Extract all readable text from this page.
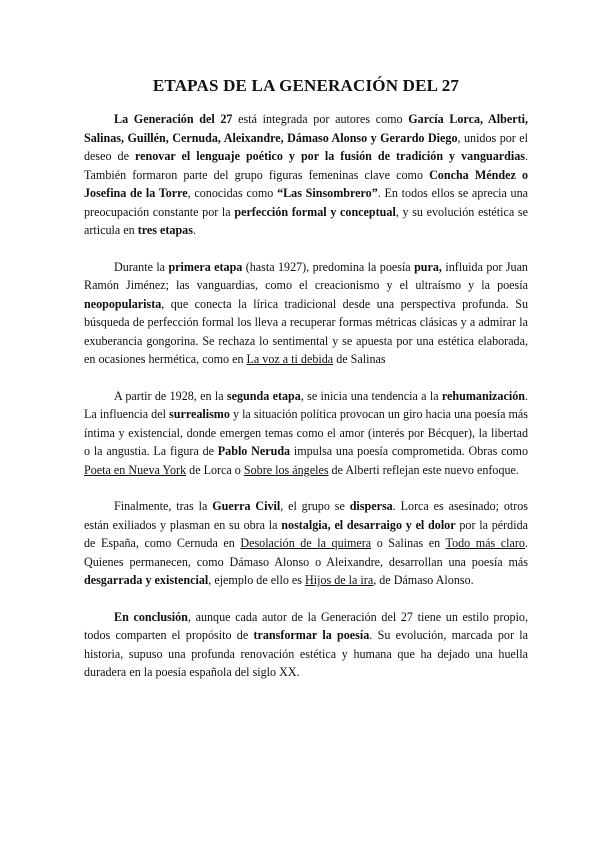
ETAPAS DE LA GENERACIÓN DEL 27

La Generación del 27 está integrada por autores como García Lorca, Alberti, Salinas, Guillén, Cernuda, Aleixandre, Dámaso Alonso y Gerardo Diego, unidos por el deseo de renovar el lenguaje poético y por la fusión de tradición y vanguardias. También formaron parte del grupo figuras femeninas clave como Concha Méndez o Josefina de la Torre, conocidas como “Las Sinsombrero”. En todos ellos se aprecia una preocupación constante por la perfección formal y conceptual, y su evolución estética se articula en tres etapas.

Durante la primera etapa (hasta 1927), predomina la poesía pura, influida por Juan Ramón Jiménez; las vanguardias, como el creacionismo y el ultraísmo y la poesía neopopularista, que conecta la lírica tradicional desde una perspectiva profunda. Su búsqueda de perfección formal los lleva a recuperar formas métricas clásicas y a admirar la exuberancia gongorina. Se rechaza lo sentimental y se apuesta por una estética elaborada, en ocasiones hermética, como en La voz a ti debida de Salinas

A partir de 1928, en la segunda etapa, se inicia una tendencia a la rehumanización. La influencia del surrealismo y la situación política provocan un giro hacia una poesía más íntima y existencial, donde emergen temas como el amor (interés por Bécquer), la libertad o la angustia. La figura de Pablo Neruda impulsa una poesía comprometida. Obras como Poeta en Nueva York de Lorca o Sobre los ángeles de Alberti reflejan este nuevo enfoque.

Finalmente, tras la Guerra Civil, el grupo se dispersa. Lorca es asesinado; otros están exiliados y plasman en su obra la nostalgia, el desarraigo y el dolor por la pérdida de España, como Cernuda en Desolación de la quimera o Salinas en Todo más claro. Quienes permanecen, como Dámaso Alonso o Aleixandre, desarrollan una poesía más desgarrada y existencial, ejemplo de ello es Hijos de la ira, de Dámaso Alonso.

En conclusión, aunque cada autor de la Generación del 27 tiene un estilo propio, todos comparten el propósito de transformar la poesía. Su evolución, marcada por la historia, supuso una profunda renovación estética y humana que ha dejado una huella duradera en la poesía española del siglo XX.
